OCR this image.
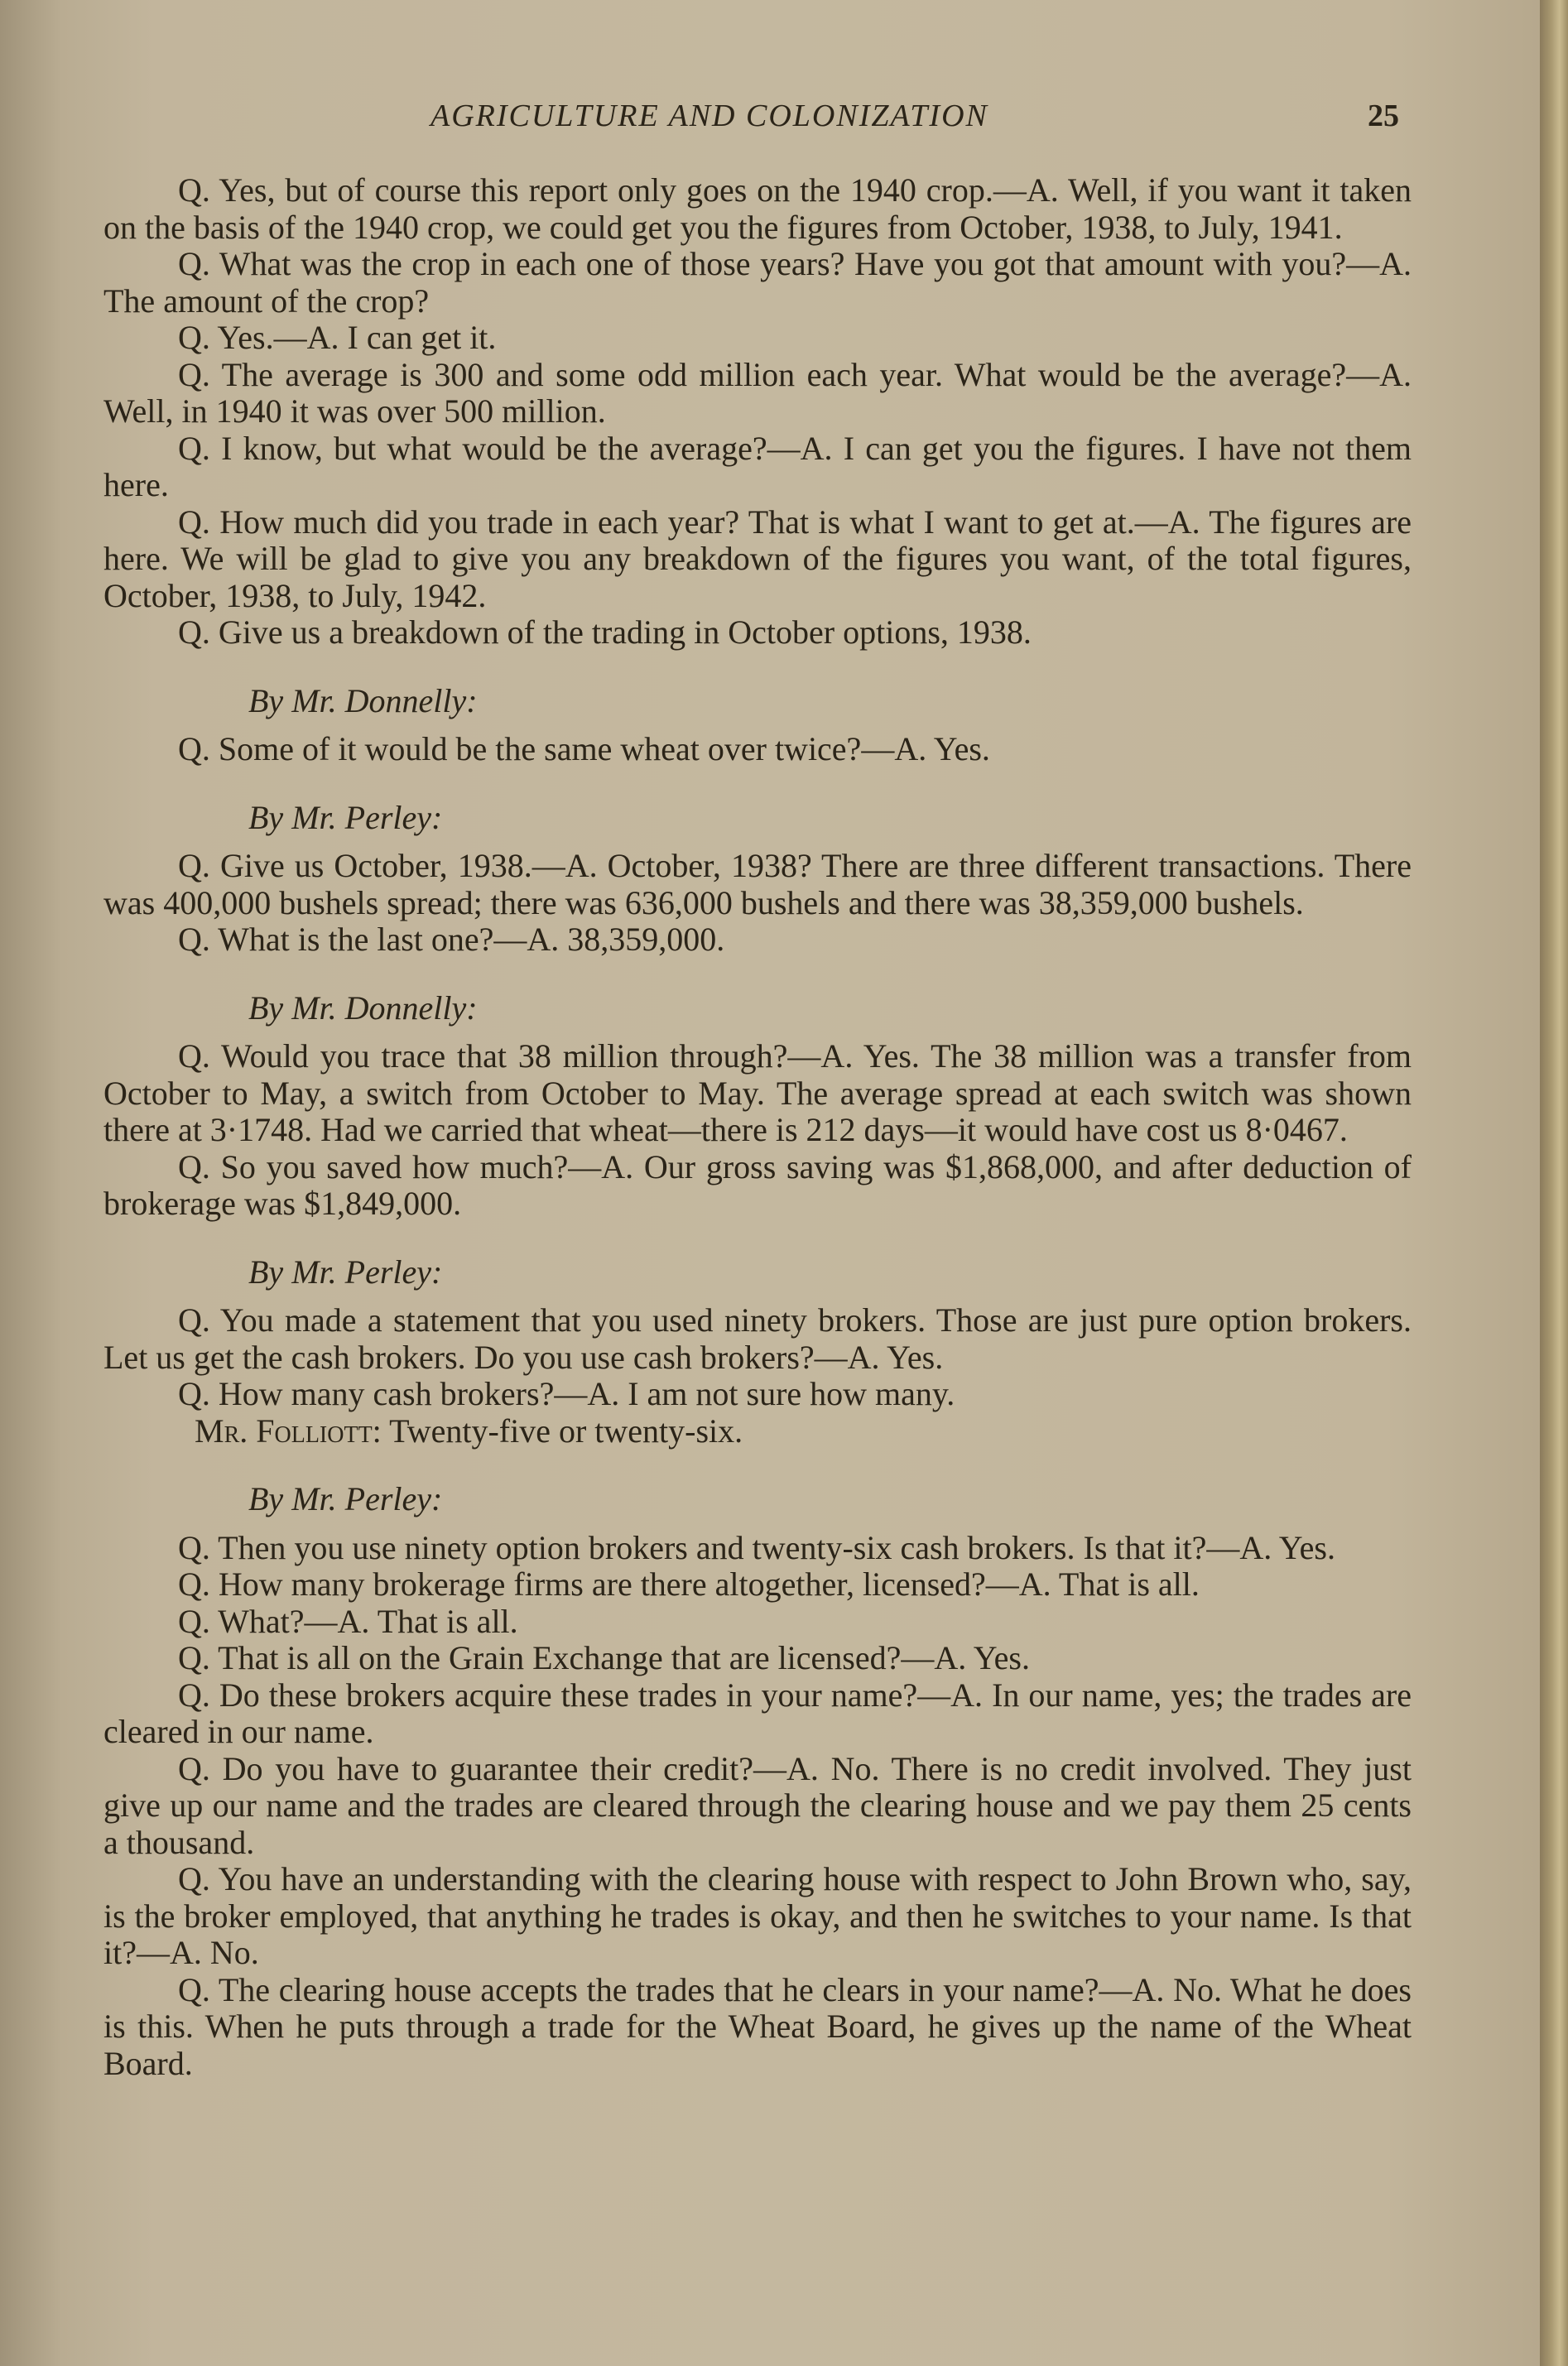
AGRICULTURE AND COLONIZATION	25

Q. Yes, but of course this report only goes on the 1940 crop.—A. Well, if you want it taken on the basis of the 1940 crop, we could get you the figures from October, 1938, to July, 1941.

Q. What was the crop in each one of those years? Have you got that amount with you?—A. The amount of the crop?

Q. Yes.—A. I can get it.

Q. The average is 300 and some odd million each year. What would be the average?—A. Well, in 1940 it was over 500 million.

Q. I know, but what would be the average?—A. I can get you the figures. I have not them here.

Q. How much did you trade in each year? That is what I want to get at.—A. The figures are here. We will be glad to give you any breakdown of the figures you want, of the total figures, October, 1938, to July, 1942.

Q. Give us a breakdown of the trading in October options, 1938.

By Mr. Donnelly:

Q. Some of it would be the same wheat over twice?—A. Yes.

By Mr. Perley:

Q. Give us October, 1938.—A. October, 1938? There are three different transactions. There was 400,000 bushels spread; there was 636,000 bushels and there was 38,359,000 bushels.

Q. What is the last one?—A. 38,359,000.

By Mr. Donnelly:

Q. Would you trace that 38 million through?—A. Yes. The 38 million was a transfer from October to May, a switch from October to May. The average spread at each switch was shown there at 3·1748. Had we carried that wheat—there is 212 days—it would have cost us 8·0467.

Q. So you saved how much?—A. Our gross saving was $1,868,000, and after deduction of brokerage was $1,849,000.

By Mr. Perley:

Q. You made a statement that you used ninety brokers. Those are just pure option brokers. Let us get the cash brokers. Do you use cash brokers?—A. Yes.

Q. How many cash brokers?—A. I am not sure how many.

Mr. Folliott: Twenty-five or twenty-six.

By Mr. Perley:

Q. Then you use ninety option brokers and twenty-six cash brokers. Is that it?—A. Yes.

Q. How many brokerage firms are there altogether, licensed?—A. That is all.

Q. What?—A. That is all.

Q. That is all on the Grain Exchange that are licensed?—A. Yes.

Q. Do these brokers acquire these trades in your name?—A. In our name, yes; the trades are cleared in our name.

Q. Do you have to guarantee their credit?—A. No. There is no credit involved. They just give up our name and the trades are cleared through the clearing house and we pay them 25 cents a thousand.

Q. You have an understanding with the clearing house with respect to John Brown who, say, is the broker employed, that anything he trades is okay, and then he switches to your name. Is that it?—A. No.

Q. The clearing house accepts the trades that he clears in your name?—A. No. What he does is this. When he puts through a trade for the Wheat Board, he gives up the name of the Wheat Board.
